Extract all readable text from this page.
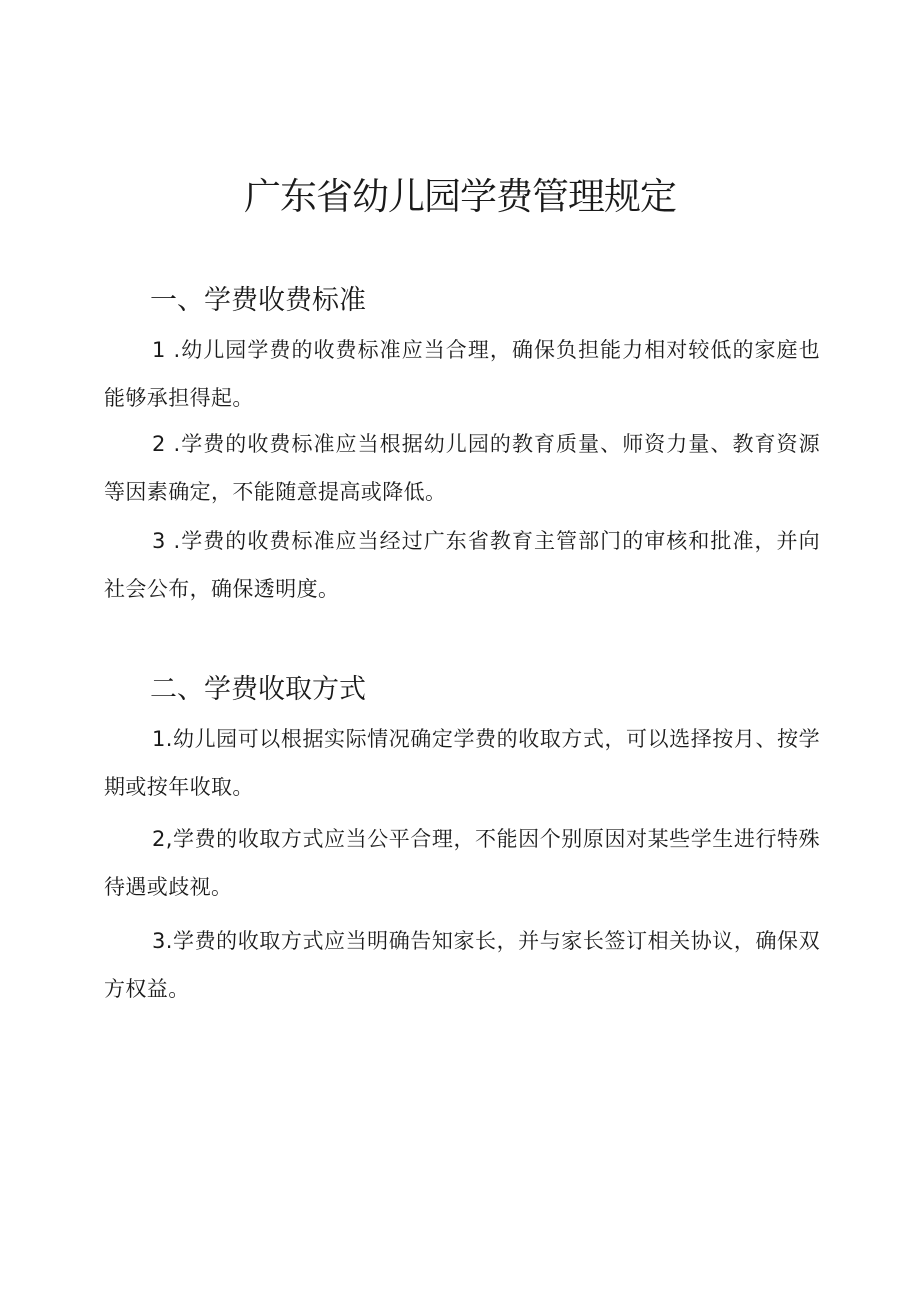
广东省幼儿园学费管理规定
一、学费收费标准

1 .幼儿园学费的收费标准应当合理，确保负担能力相对较低的家庭也能够承担得起。

2 .学费的收费标准应当根据幼儿园的教育质量、师资力量、教育资源等因素确定，不能随意提高或降低。

3 .学费的收费标准应当经过广东省教育主管部门的审核和批准，并向社会公布，确保透明度。

二、学费收取方式

1.幼儿园可以根据实际情况确定学费的收取方式，可以选择按月、按学期或按年收取。

2,学费的收取方式应当公平合理，不能因个别原因对某些学生进行特殊待遇或歧视。

3.学费的收取方式应当明确告知家长，并与家长签订相关协议，确保双方权益。
